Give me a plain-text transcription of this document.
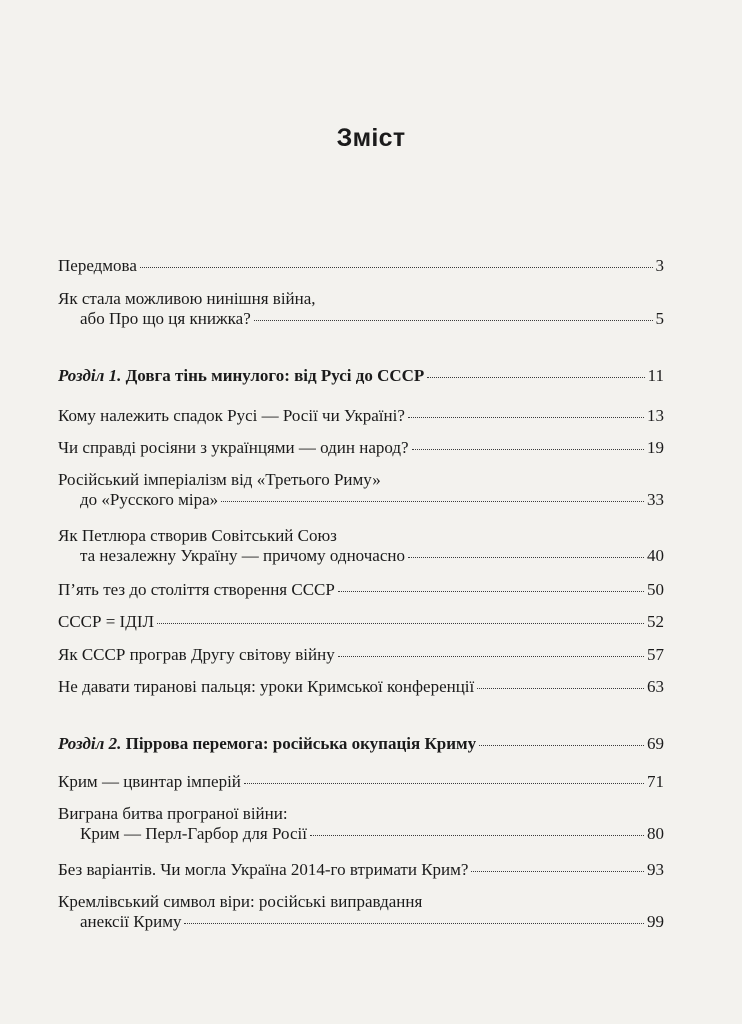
Зміст
Передмова	3
Як стала можливою нинішня війна,
або Про що ця книжка?	5
Розділ 1. Довга тінь минулого: від Русі до СССР	11
Кому належить спадок Русі — Росії чи Україні?	13
Чи справді росіяни з українцями — один народ?	19
Російський імперіалізм від «Третього Риму»
до «Русского міра»	33
Як Петлюра створив Совітський Союз
та незалежну Україну — причому одночасно	40
П’ять тез до століття створення СССР	50
СССР = ІДІЛ	52
Як СССР програв Другу світову війну	57
Не давати тиранові пальця: уроки Кримської конференції	63
Розділ 2. Піррова перемога: російська окупація Криму	69
Крим — цвинтар імперій	71
Виграна битва програної війни:
Крим — Перл-Гарбор для Росії	80
Без варіантів. Чи могла Україна 2014-го втримати Крим?	93
Кремлівський символ віри: російські виправдання
анексії Криму	99
